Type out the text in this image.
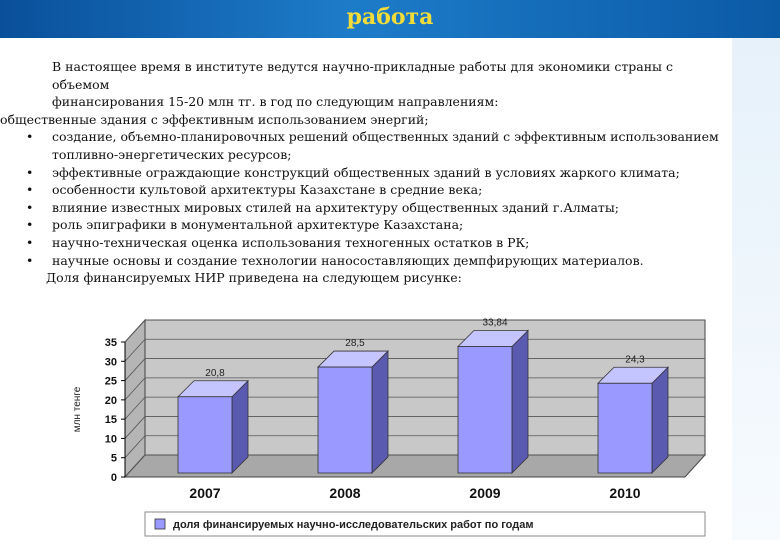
работа

В настоящее время в институте ведутся научно-прикладные работы для экономики страны с объемом

финансирования 15-20 млн тг. в год по следующим направлениям:

общественные здания с эффективным использованием энергий;

• создание, объемно-планировочных решений общественных зданий с эффективным использованием
топливно-энергетических ресурсов;
• эффективные ограждающие конструкций общественных зданий в условиях жаркого климата;
• особенности культовой архитектуры Казахстане в средние века;
• влияние известных мировых стилей на архитектуру общественных зданий г.Алматы;
• роль эпиграфики в монументальной архитектуре Казахстана;
• научно-техническая оценка использования техногенных остатков в РК;
• научные основы и создание технологии наносоставляющих демпфирующих материалов.

Доля финансируемых НИР приведена на следующем рисунке:

0
5
10
15
20
25
30
35
млн тенге
20,8
2007
28,5
2008
33,84
2009
24,3
2010
доля финансируемых научно-исследовательских работ по годам
